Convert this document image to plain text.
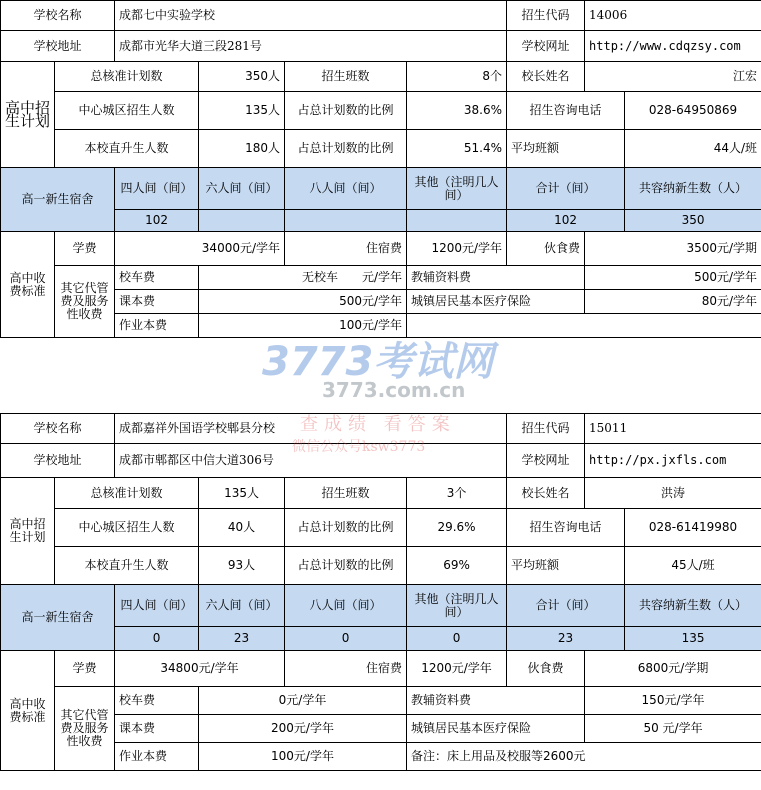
学校名称		成都七中实验学校				招生代码	14006	
学校地址		成都市光华大道三段281号				学校网址	http://www.cdqzsy.com	
高中招生计划	总核准计划数		350人	招生班数	8个	校长姓名	江宏	
	中心城区招生人数		135人	占总计划数的比例	38.6%	招生咨询电话		028-64950869
	本校直升生人数		180人	占总计划数的比例	51.4%	平均班额		44人/班
高一新生宿舍		四人间（间）	六人间（间）	八人间（间）	其他（注明几人间）	合计（间）		共容纳新生数（人）
		102				102		350
高中收费标准	学费	34000元/学年		住宿费	1200元/学年	伙食费	3500元/学期	
	其它代管费及服务性收费	校车费	无校车　　元/学年		教辅资料费		500元/学年	
		课本费	500元/学年		城镇居民基本医疗保险		80元/学年	
		作业本费	100元/学年					
学校名称		成都嘉祥外国语学校郫县分校				招生代码	15011	
学校地址		成都市郫都区中信大道306号				学校网址	http://px.jxfls.com	
高中招生计划	总核准计划数		135人	招生班数	3个	校长姓名	洪涛	
	中心城区招生人数		40人	占总计划数的比例	29.6%	招生咨询电话		028-61419980
	本校直升生人数		93人	占总计划数的比例	69%	平均班额		45人/班
高一新生宿舍		四人间（间）	六人间（间）	八人间（间）	其他（注明几人间）	合计（间）		共容纳新生数（人）
		0	23	0	0	23		135
高中收费标准	学费	34800元/学年		住宿费	1200元/学年	伙食费	6800元/学期	
	其它代管费及服务性收费	校车费	0元/学年		教辅资料费		150元/学年	
		课本费	200元/学年		城镇居民基本医疗保险		50 元/学年	
		作业本费	100元/学年		备注：床上用品及校服等2600元			
3773考试网
3773.com.cn
查成绩 看答案
微信公众号ksw3773
